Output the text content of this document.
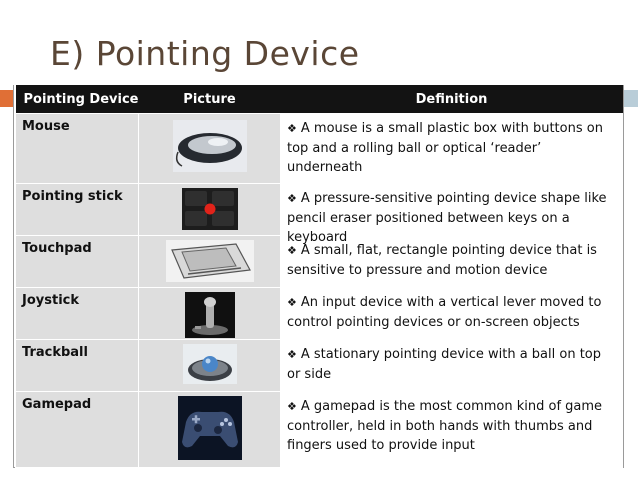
E) Pointing Device
Pointing Device	Picture	Definition
Mouse		❖ A mouse is a small plastic box with buttons on top and a rolling ball or optical ‘reader’ underneath

Pointing stick		❖ A pressure-sensitive pointing device shape like pencil eraser positioned between keys on a keyboard

Touchpad		❖ A small, flat, rectangle pointing device that is sensitive to pressure and motion device

Joystick		❖ An input device with a vertical lever moved to control pointing devices or on-screen objects

Trackball		❖ A stationary pointing device with a ball on top or side

Gamepad		❖ A gamepad is the most common kind of game controller, held in both hands with thumbs and fingers used to provide input
